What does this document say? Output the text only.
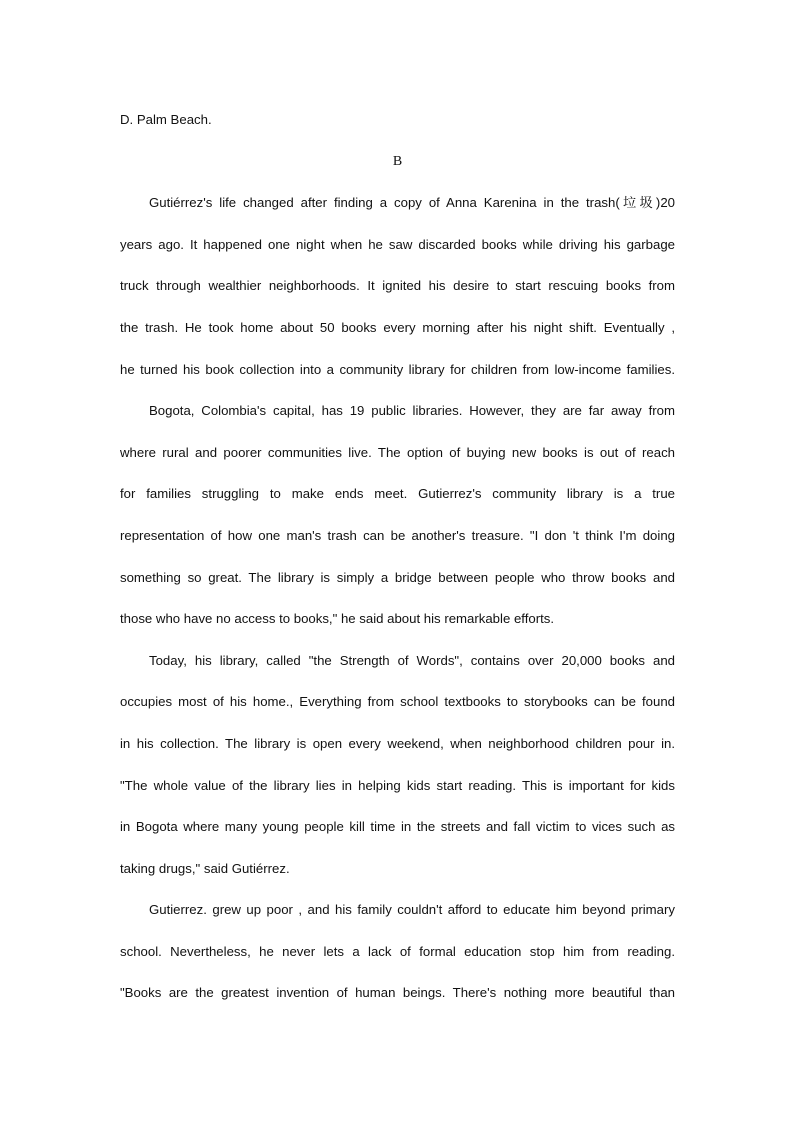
D. Palm Beach.
B
Gutiérrez's life changed after finding a copy of Anna Karenina in the trash(垃圾)20
years ago. It happened one night when he saw discarded books while driving his garbage
truck through wealthier neighborhoods. It ignited his desire to start rescuing books from
the trash. He took home about 50 books every morning after his night shift. Eventually ,
he turned his book collection into a community library for children from low-income families.
Bogota, Colombia's capital, has 19 public libraries. However, they are far away from
where rural and poorer communities live. The option of buying new books is out of reach
for families struggling to make ends meet. Gutierrez's community library is a true
representation of how one man's trash can be another's treasure. "I don 't think I'm doing
something so great. The library is simply a bridge between people who throw books and
those who have no access to books," he said about his remarkable efforts.
Today, his library, called "the Strength of Words", contains over 20,000 books and
occupies most of his home., Everything from school textbooks to storybooks can be found
in his collection. The library is open every weekend, when neighborhood children pour in.
"The whole value of the library lies in helping kids start reading. This is important for kids
in Bogota where many young people kill time in the streets and fall victim to vices such as
taking drugs," said Gutiérrez.
Gutierrez. grew up poor , and his family couldn't afford to educate him beyond primary
school. Nevertheless, he never lets a lack of formal education stop him from reading.
"Books are the greatest invention of human beings. There's nothing more beautiful than
